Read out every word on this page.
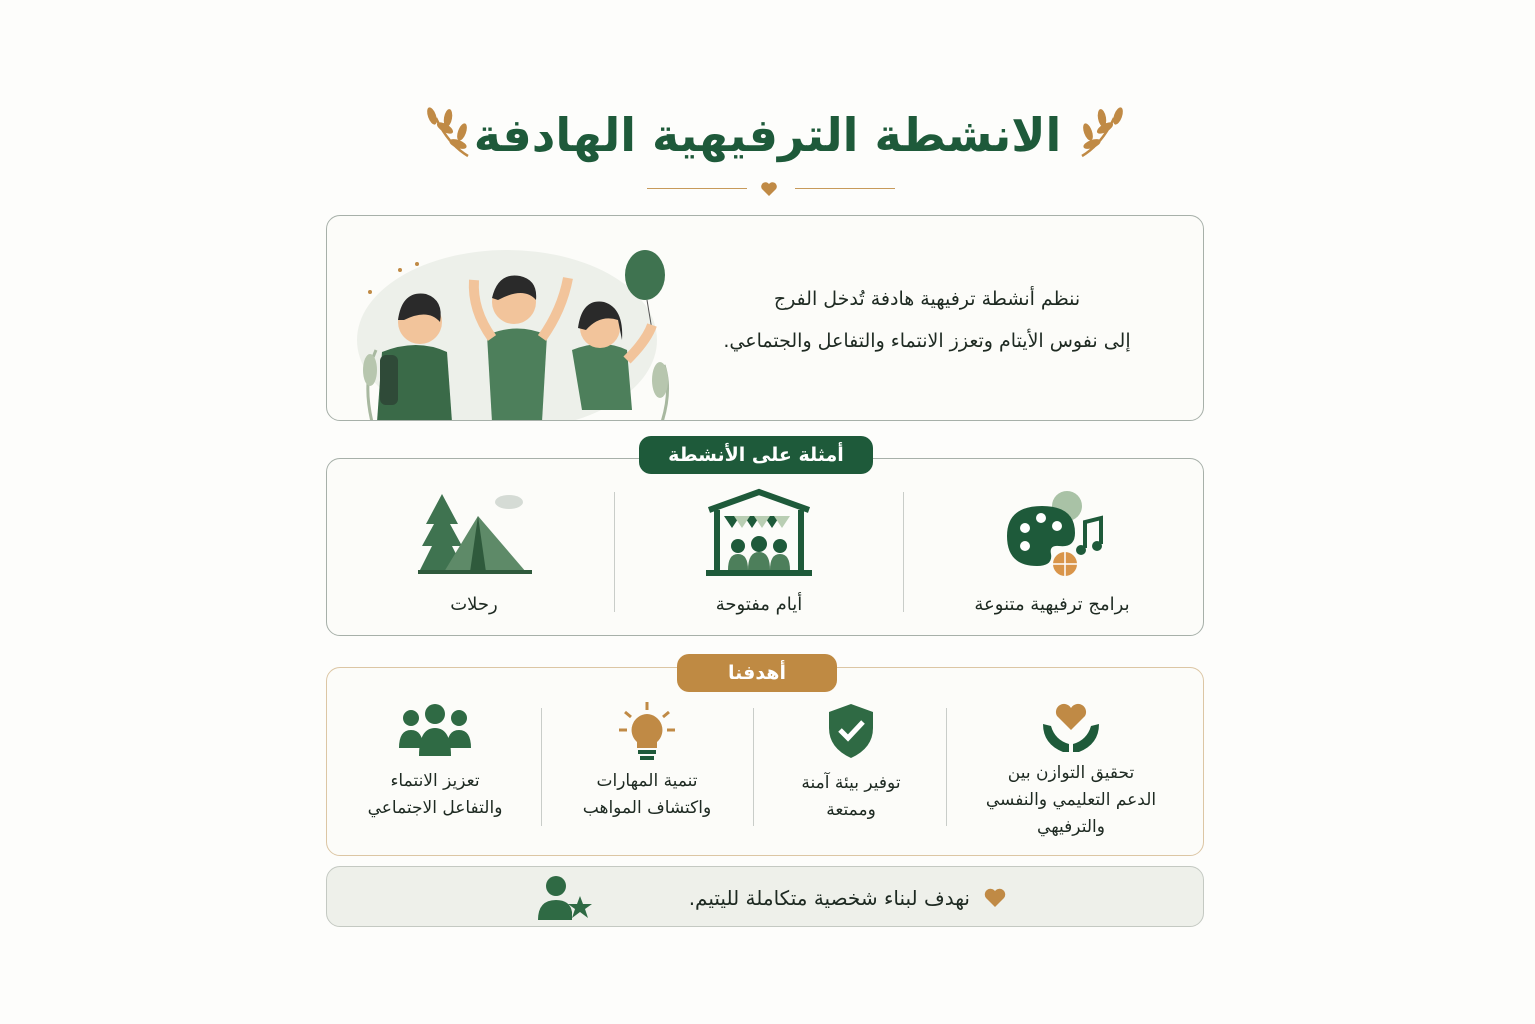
الانشطة الترفيهية الهادفة
ننظم أنشطة ترفيهية هادفة تُدخل الفرج
إلى نفوس الأيتام وتعزز الانتماء والتفاعل والجتماعي.
أمثلة على الأنشطة
برامج ترفيهية متنوعة
أيام مفتوحة
رحلات
أهدفنا
تحقيق التوازن بين
الدعم التعليمي والنفسي
والترفيهي
توفير بيئة آمنة
وممتعة
تنمية المهارات
واكتشاف المواهب
تعزيز الانتماء
والتفاعل الاجتماعي
نهدف لبناء شخصية متكاملة لليتيم.
